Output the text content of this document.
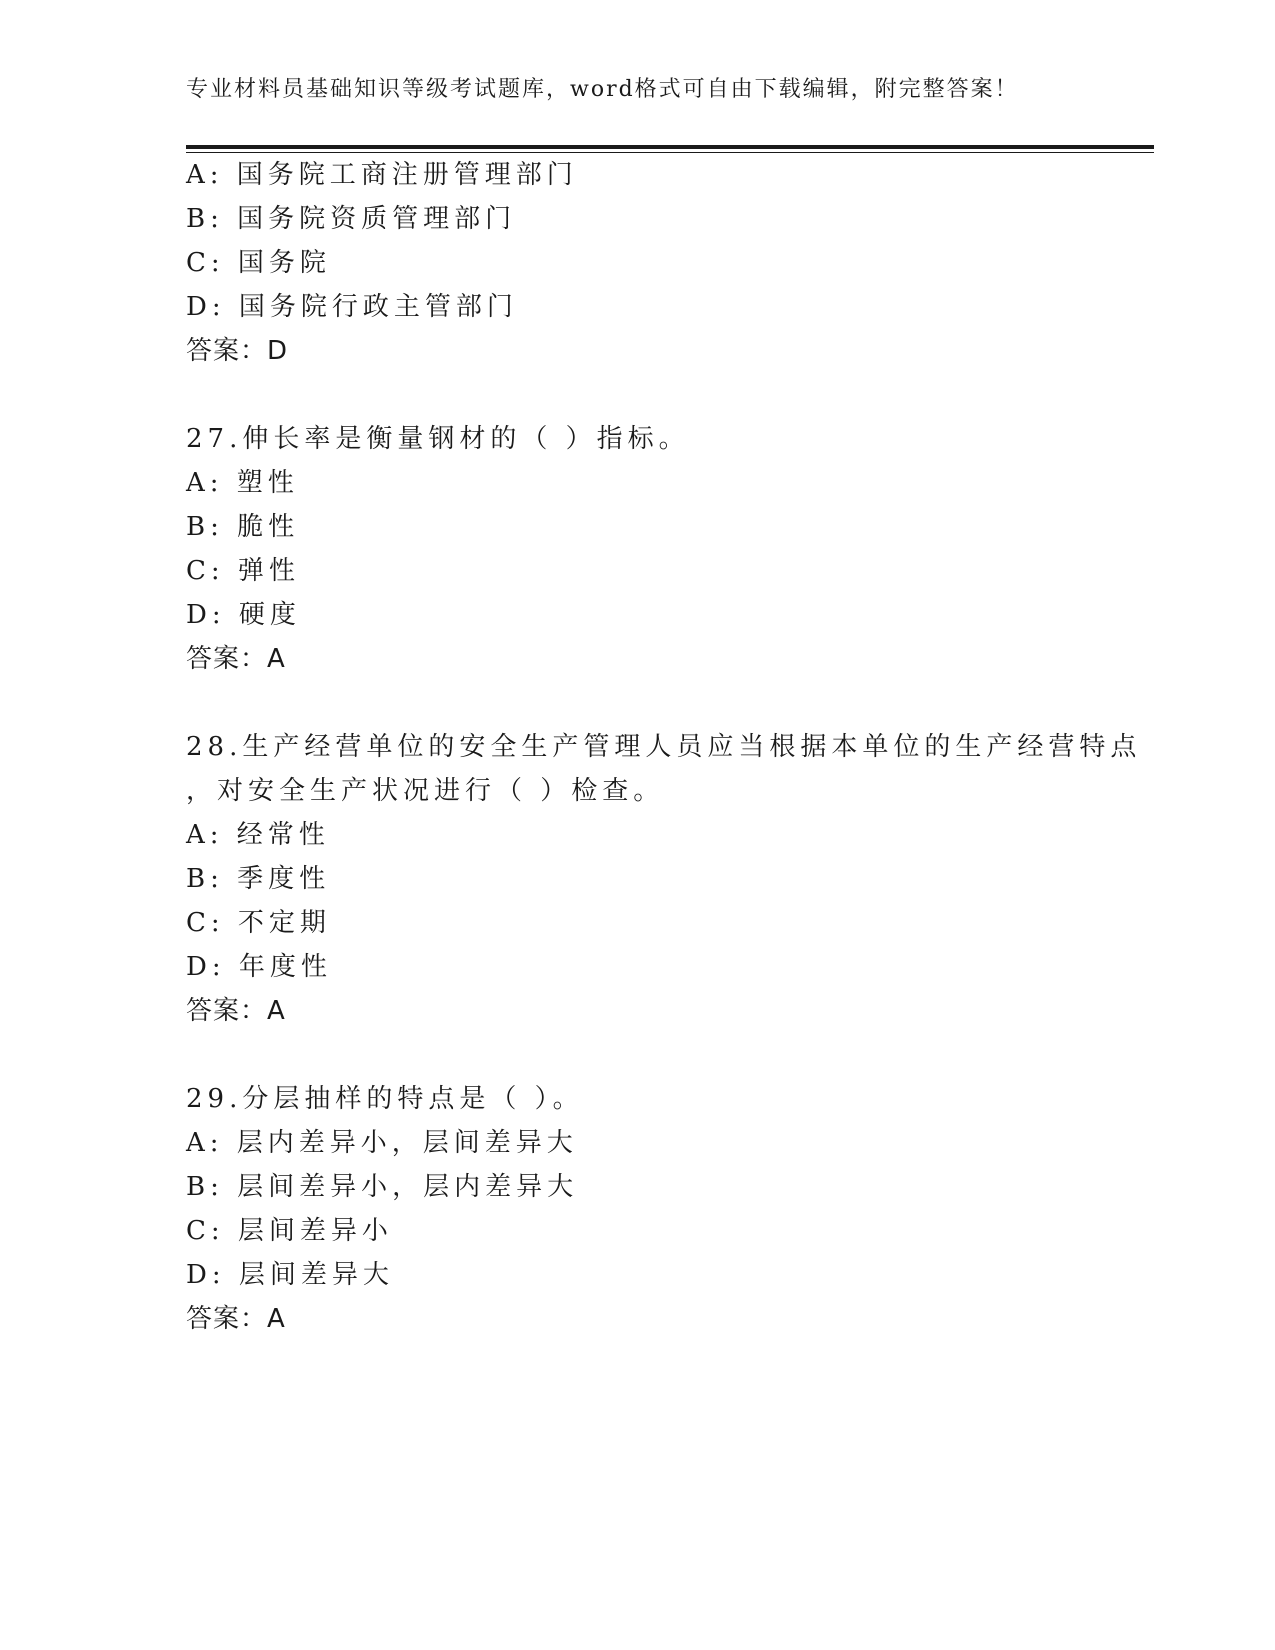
专业材料员基础知识等级考试题库，word格式可自由下载编辑，附完整答案！
A: 国务院工商注册管理部门
B: 国务院资质管理部门
C: 国务院
D: 国务院行政主管部门
答案：D
27.伸长率是衡量钢材的（ ）指标。
A: 塑性
B: 脆性
C: 弹性
D: 硬度
答案：A
28.生产经营单位的安全生产管理人员应当根据本单位的生产经营特点
，对安全生产状况进行（ ）检查。
A: 经常性
B: 季度性
C: 不定期
D: 年度性
答案：A
29.分层抽样的特点是（ ）。
A: 层内差异小，层间差异大
B: 层间差异小，层内差异大
C: 层间差异小
D: 层间差异大
答案：A
